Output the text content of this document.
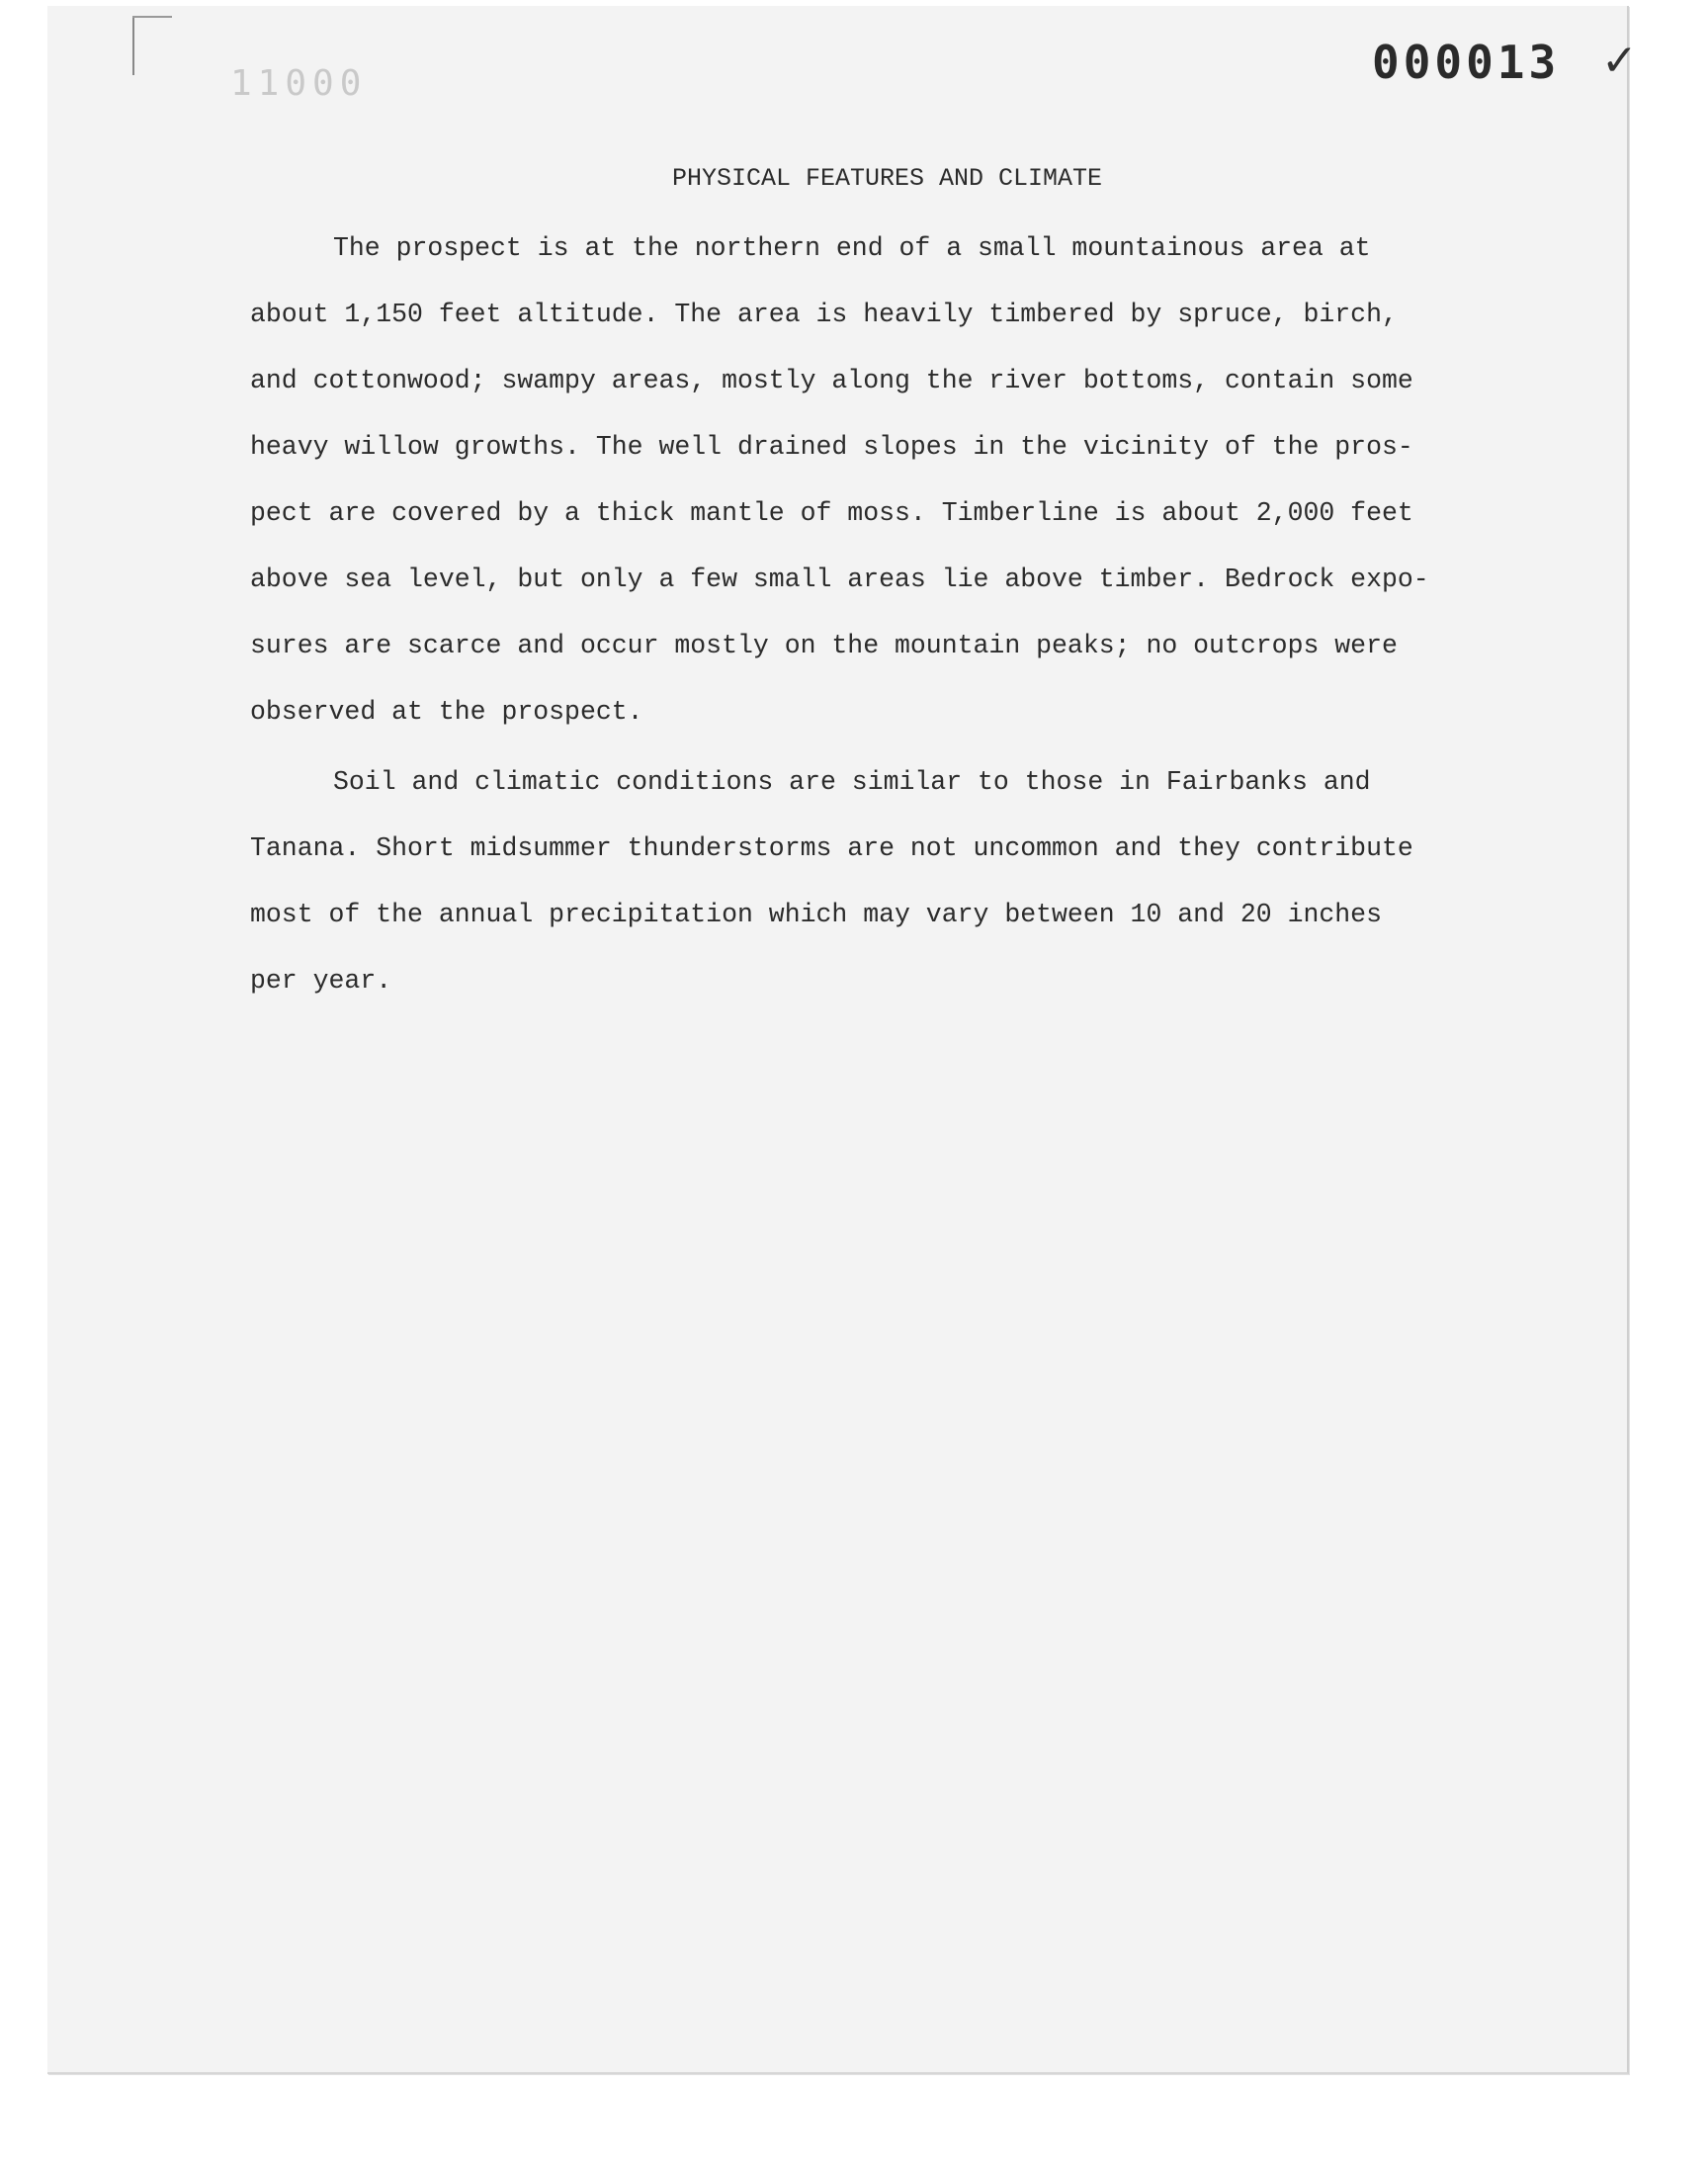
11000	000013 ✓
PHYSICAL FEATURES AND CLIMATE

The prospect is at the northern end of a small mountainous area at
about 1,150 feet altitude. The area is heavily timbered by spruce, birch,
and cottonwood; swampy areas, mostly along the river bottoms, contain some
heavy willow growths. The well drained slopes in the vicinity of the pros-
pect are covered by a thick mantle of moss. Timberline is about 2,000 feet
above sea level, but only a few small areas lie above timber. Bedrock expo-
sures are scarce and occur mostly on the mountain peaks; no outcrops were
observed at the prospect.

Soil and climatic conditions are similar to those in Fairbanks and
Tanana. Short midsummer thunderstorms are not uncommon and they contribute
most of the annual precipitation which may vary between 10 and 20 inches
per year.
